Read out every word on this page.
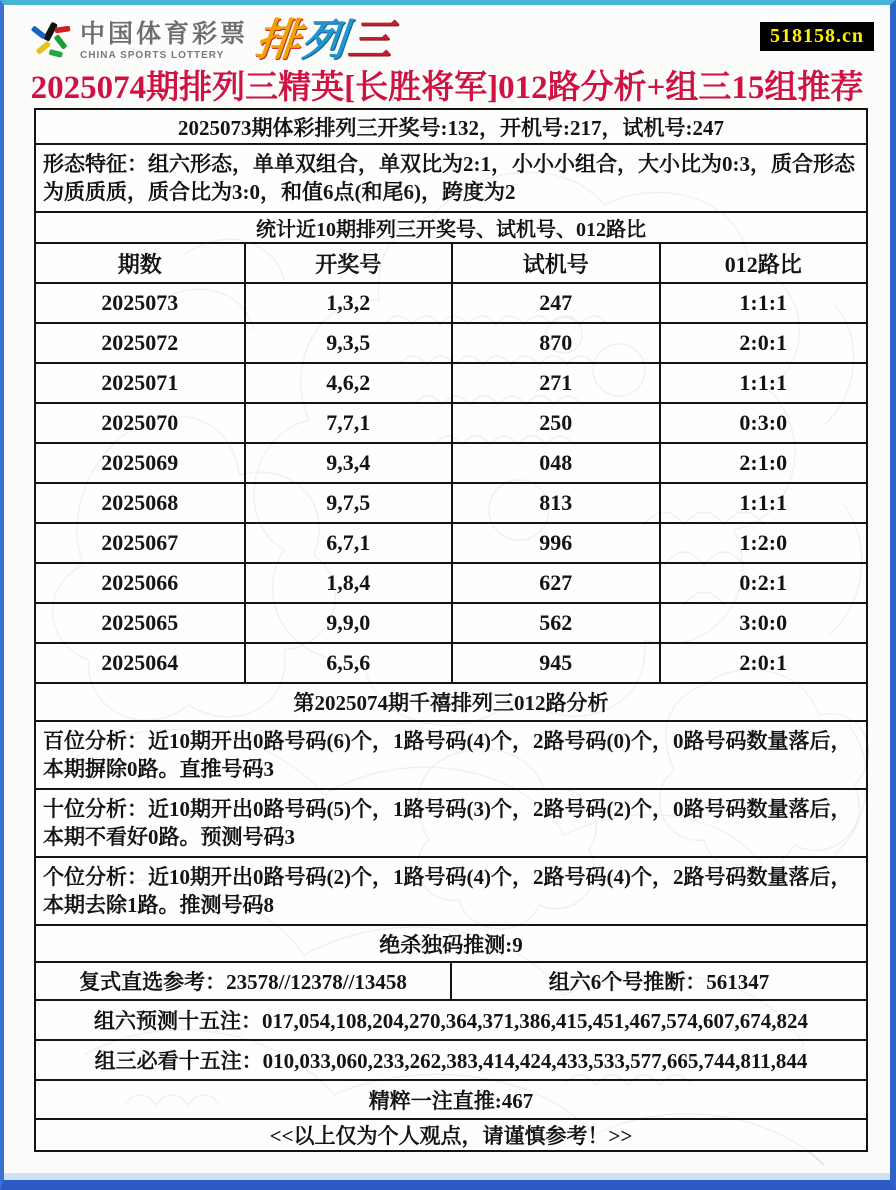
中国体育彩票
CHINA SPORTS LOTTERY 排列三	518158.cn
2025074期排列三精英[长胜将军]012路分析+组三15组推荐
2025073期体彩排列三开奖号:132，开机号:217，试机号:247
形态特征：组六形态，单单双组合，单双比为2:1，小小小组合，大小比为0:3，质合形态为质质质，质合比为3:0，和值6点(和尾6)，跨度为2
统计近10期排列三开奖号、试机号、012路比
期数	开奖号	试机号	012路比
2025073	1,3,2	247	1:1:1
2025072	9,3,5	870	2:0:1
2025071	4,6,2	271	1:1:1
2025070	7,7,1	250	0:3:0
2025069	9,3,4	048	2:1:0
2025068	9,7,5	813	1:1:1
2025067	6,7,1	996	1:2:0
2025066	1,8,4	627	0:2:1
2025065	9,9,0	562	3:0:0
2025064	6,5,6	945	2:0:1
第2025074期千禧排列三012路分析
百位分析：近10期开出0路号码(6)个，1路号码(4)个，2路号码(0)个，0路号码数量落后，本期摒除0路。直推号码3
十位分析：近10期开出0路号码(5)个，1路号码(3)个，2路号码(2)个，0路号码数量落后，本期不看好0路。预测号码3
个位分析：近10期开出0路号码(2)个，1路号码(4)个，2路号码(4)个，2路号码数量落后，本期去除1路。推测号码8
绝杀独码推测:9
复式直选参考：23578//12378//13458	组六6个号推断：561347
组六预测十五注：017,054,108,204,270,364,371,386,415,451,467,574,607,674,824
组三必看十五注：010,033,060,233,262,383,414,424,433,533,577,665,744,811,844
精粹一注直推:467
<<以上仅为个人观点，请谨慎参考！>>
